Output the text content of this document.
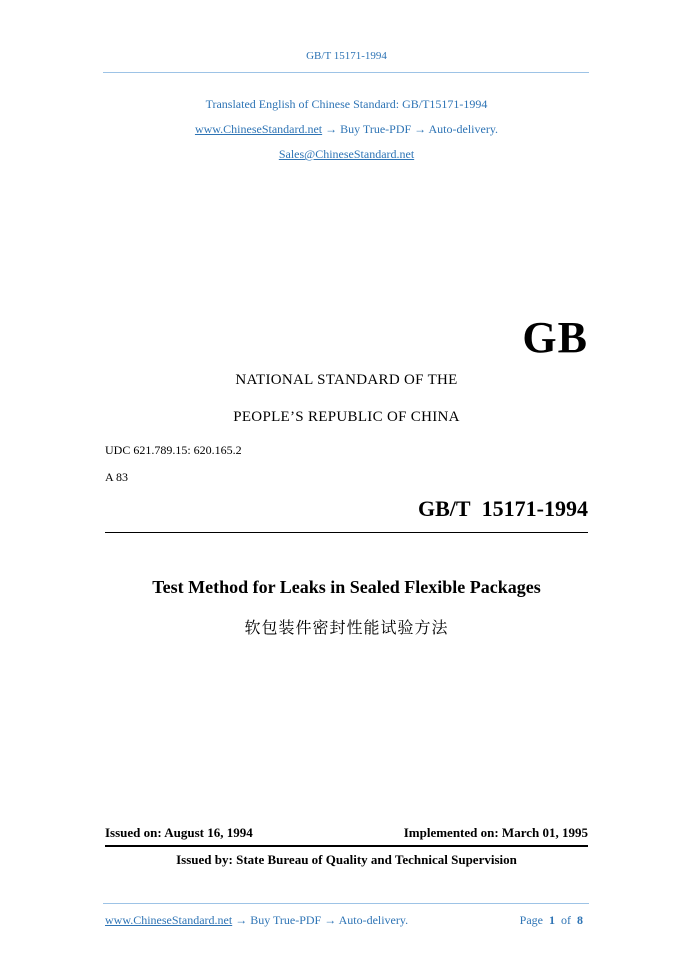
GB/T 15171-1994
Translated English of Chinese Standard: GB/T15171-1994
www.ChineseStandard.net → Buy True-PDF → Auto-delivery.
Sales@ChineseStandard.net
GB
NATIONAL STANDARD OF THE
PEOPLE’S REPUBLIC OF CHINA
UDC 621.789.15: 620.165.2
A 83
GB/T 15171-1994
Test Method for Leaks in Sealed Flexible Packages
软包装件密封性能试验方法
Issued on: August 16, 1994	Implemented on: March 01, 1995
Issued by: State Bureau of Quality and Technical Supervision
www.ChineseStandard.net → Buy True-PDF → Auto-delivery.	Page 1 of 8
